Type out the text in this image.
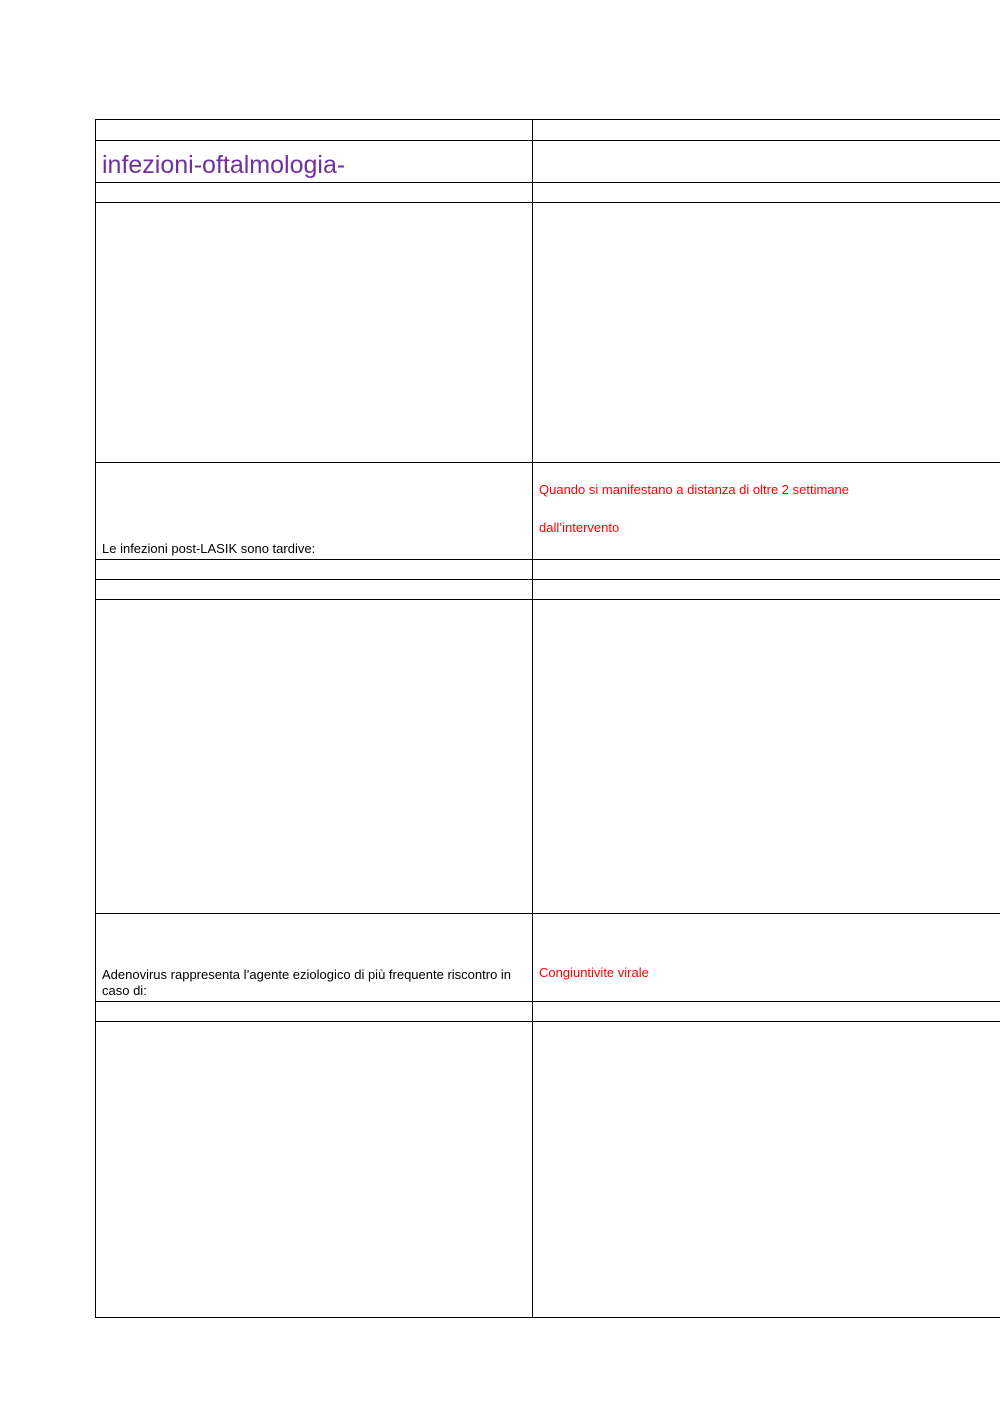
infezioni-oftalmologia-	

Le infezioni post-LASIK sono tardive:	Quando si manifestano a distanza di oltre 2 settimane

dall’intervento

Adenovirus rappresenta l’agente eziologico di più frequente riscontro in caso di:	Congiuntivite virale
